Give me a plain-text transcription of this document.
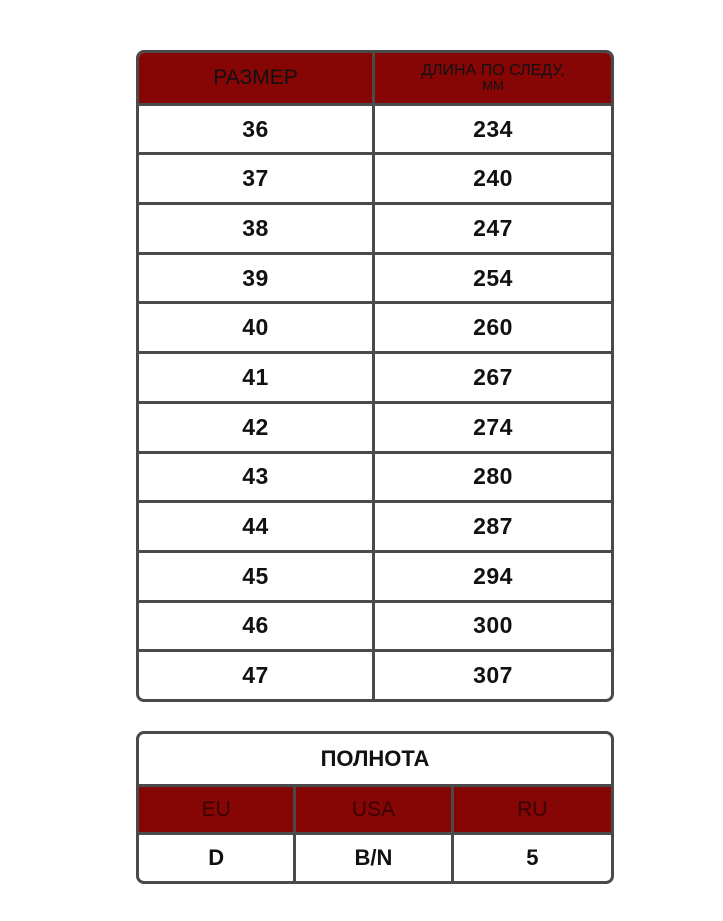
РАЗМЕР	ДЛИНА ПО СЛЕДУ,
ММ
36	234
37	240
38	247
39	254
40	260
41	267
42	274
43	280
44	287
45	294
46	300
47	307
ПОЛНОТА
EU	USA	RU
D	B/N	5
